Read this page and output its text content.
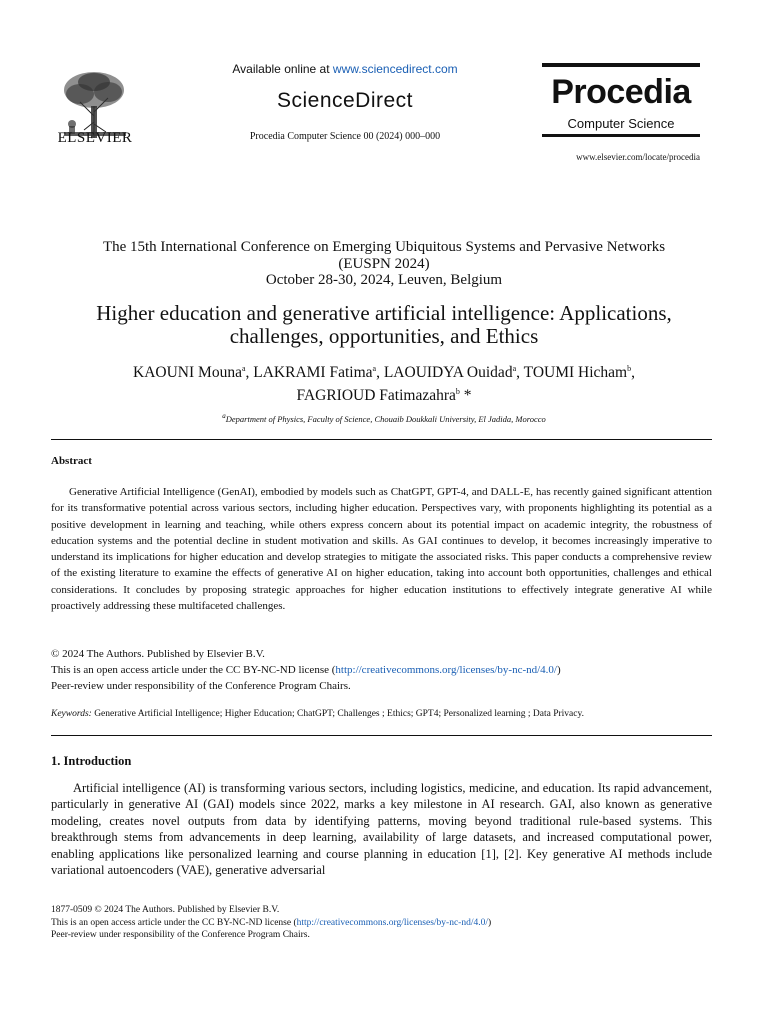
ELSEVIER
Available online at www.sciencedirect.com
ScienceDirect
Procedia Computer Science 00 (2024) 000–000
Procedia
Computer Science
www.elsevier.com/locate/procedia
The 15th International Conference on Emerging Ubiquitous Systems and Pervasive Networks
(EUSPN 2024)
October 28-30, 2024, Leuven, Belgium
Higher education and generative artificial intelligence: Applications,
challenges, opportunities, and Ethics
KAOUNI Mouna$^a$, LAKRAMI Fatima$^a$, LAOUIDYA Ouidad$^a$, TOUMI Hicham$^b$,
FAGRIOUD Fatimazahra$^b$ *
$^a$Department of Physics, Faculty of Science, Chouaib Doukkali University, El Jadida, Morocco
Abstract
Generative Artificial Intelligence (GenAI), embodied by models such as ChatGPT, GPT-4, and DALL-E, has recently gained significant attention for its transformative potential across various sectors, including higher education. Perspectives vary, with proponents highlighting its potential as a positive development in learning and teaching, while others express concern about its potential impact on academic integrity, the robustness of education systems and the potential decline in student motivation and skills. As GAI continues to develop, it becomes increasingly imperative to understand its implications for higher education and develop strategies to mitigate the associated risks. This paper conducts a comprehensive review of the existing literature to examine the effects of generative AI on higher education, taking into account both opportunities, challenges and ethical considerations. It concludes by proposing strategic approaches for higher education institutions to effectively integrate generative AI while proactively addressing these multifaceted challenges.
© 2024 The Authors. Published by Elsevier B.V.
This is an open access article under the CC BY-NC-ND license (http://creativecommons.org/licenses/by-nc-nd/4.0/)
Peer-review under responsibility of the Conference Program Chairs.
Keywords: Generative Artificial Intelligence; Higher Education; ChatGPT; Challenges ; Ethics; GPT4; Personalized learning ; Data Privacy.
1. Introduction
Artificial intelligence (AI) is transforming various sectors, including logistics, medicine, and education. Its rapid advancement, particularly in generative AI (GAI) models since 2022, marks a key milestone in AI research. GAI, also known as generative modeling, creates novel outputs from data by identifying patterns, moving beyond traditional rule-based systems. This breakthrough stems from advancements in deep learning, availability of large datasets, and increased computational power, enabling applications like personalized learning and course planning in education [1], [2]. Key generative AI methods include variational autoencoders (VAE), generative adversarial
1877-0509 © 2024 The Authors. Published by Elsevier B.V.
This is an open access article under the CC BY-NC-ND license (http://creativecommons.org/licenses/by-nc-nd/4.0/)
Peer-review under responsibility of the Conference Program Chairs.
